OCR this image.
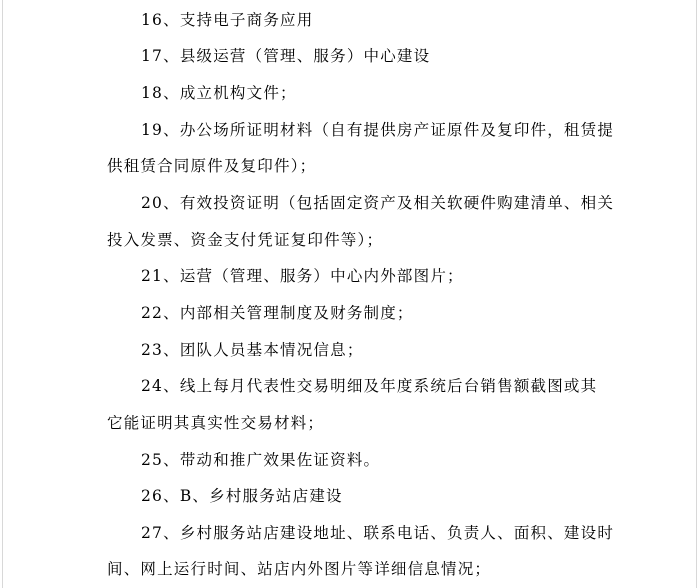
16、支持电子商务应用
17、县级运营（管理、服务）中心建设
18、成立机构文件；
19、办公场所证明材料（自有提供房产证原件及复印件，租赁提
供租赁合同原件及复印件）；
20、有效投资证明（包括固定资产及相关软硬件购建清单、相关
投入发票、资金支付凭证复印件等）；
21、运营（管理、服务）中心内外部图片；
22、内部相关管理制度及财务制度；
23、团队人员基本情况信息；
24、线上每月代表性交易明细及年度系统后台销售额截图或其
它能证明其真实性交易材料；
25、带动和推广效果佐证资料。
26、B、乡村服务站店建设
27、乡村服务站店建设地址、联系电话、负责人、面积、建设时
间、网上运行时间、站店内外图片等详细信息情况；
